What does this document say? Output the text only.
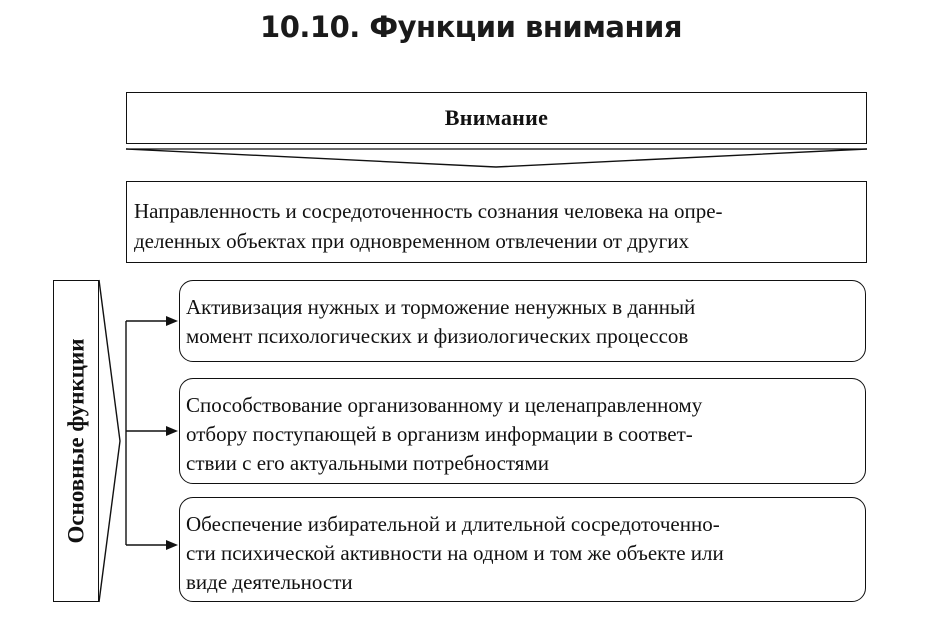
10.10. Функции внимания
Внимание
Направленность и сосредоточенность сознания человека на опре-
деленных объектах при одновременном отвлечении от других
Основные функции
Активизация нужных и торможение ненужных в данный
момент психологических и физиологических процессов
Способствование организованному и целенаправленному
отбору поступающей в организм информации в соответ-
ствии с его актуальными потребностями
Обеспечение избирательной и длительной сосредоточенно-
сти психической активности на одном и том же объекте или
виде деятельности
